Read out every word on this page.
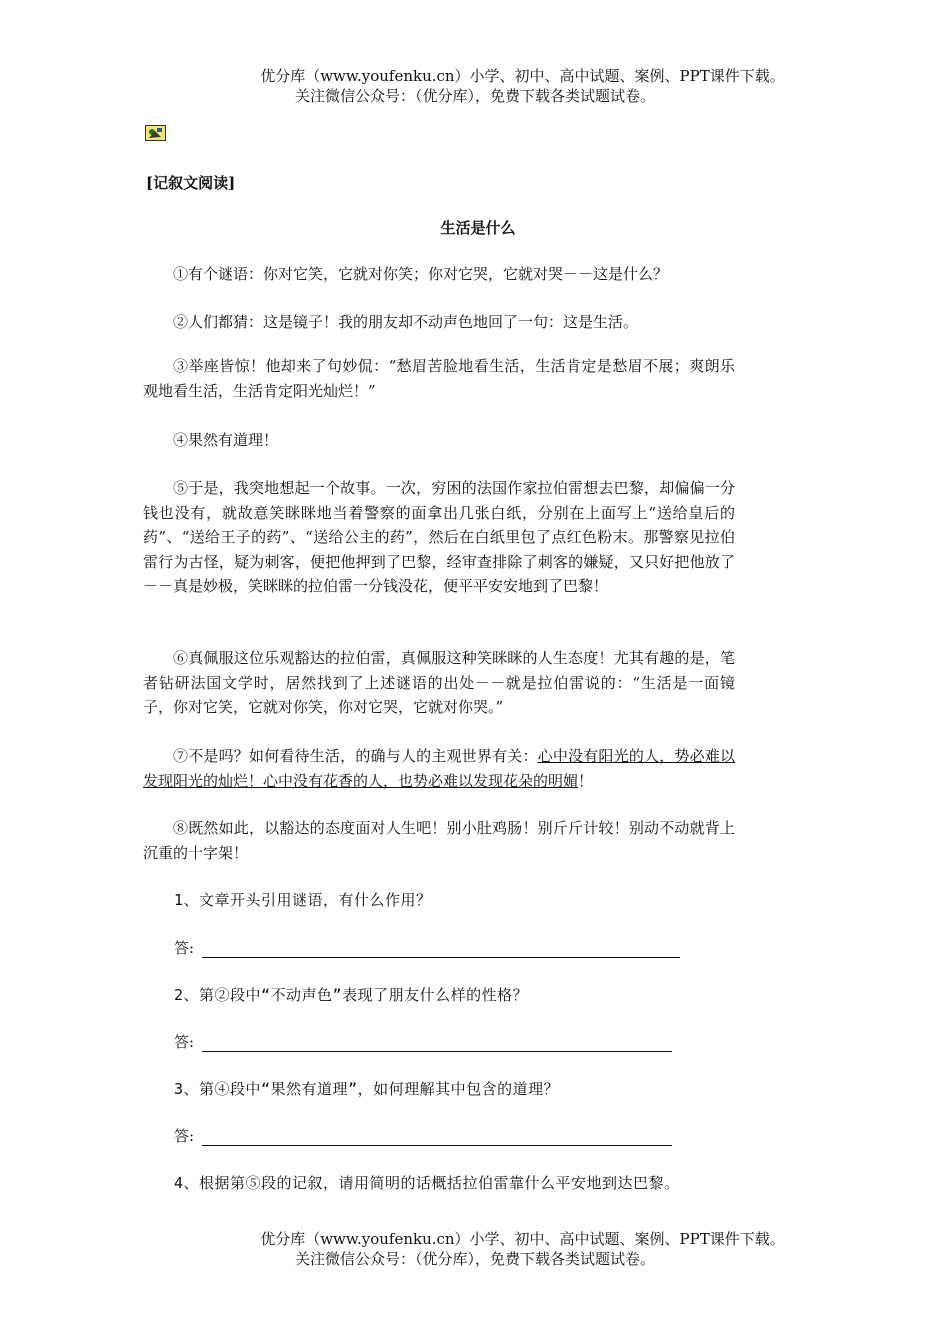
优分库（www.youfenku.cn）小学、初中、高中试题、案例、PPT课件下载。
关注微信公众号：（优分库），免费下载各类试题试卷。
[记叙文阅读]
生活是什么
①有个谜语：你对它笑，它就对你笑；你对它哭，它就对哭－－这是什么？
②人们都猜：这是镜子！我的朋友却不动声色地回了一句：这是生活。
③举座皆惊！他却来了句妙侃：“愁眉苦脸地看生活，生活肯定是愁眉不展；爽朗乐观地看生活，生活肯定阳光灿烂！”
④果然有道理！
⑤于是，我突地想起一个故事。一次，穷困的法国作家拉伯雷想去巴黎，却偏偏一分钱也没有，就故意笑眯眯地当着警察的面拿出几张白纸，分别在上面写上“送给皇后的药”、“送给王子的药”、“送给公主的药”，然后在白纸里包了点红色粉末。那警察见拉伯雷行为古怪，疑为刺客，便把他押到了巴黎，经审查排除了刺客的嫌疑，又只好把他放了－－真是妙极，笑眯眯的拉伯雷一分钱没花，便平平安安地到了巴黎！
⑥真佩服这位乐观豁达的拉伯雷，真佩服这种笑眯眯的人生态度！尤其有趣的是，笔者钻研法国文学时，居然找到了上述谜语的出处－－就是拉伯雷说的：“生活是一面镜子，你对它笑，它就对你笑，你对它哭，它就对你哭。”
⑦不是吗？如何看待生活，的确与人的主观世界有关：心中没有阳光的人，势必难以发现阳光的灿烂！心中没有花香的人，也势必难以发现花朵的明媚！
⑧既然如此，以豁达的态度面对人生吧！别小肚鸡肠！别斤斤计较！别动不动就背上沉重的十字架！
1、文章开头引用谜语，有什么作用？
答:
2、第②段中“不动声色”表现了朋友什么样的性格？
答:
3、第④段中“果然有道理”，如何理解其中包含的道理？
答:
4、根据第⑤段的记叙，请用简明的话概括拉伯雷靠什么平安地到达巴黎。
优分库（www.youfenku.cn）小学、初中、高中试题、案例、PPT课件下载。
关注微信公众号：（优分库），免费下载各类试题试卷。
